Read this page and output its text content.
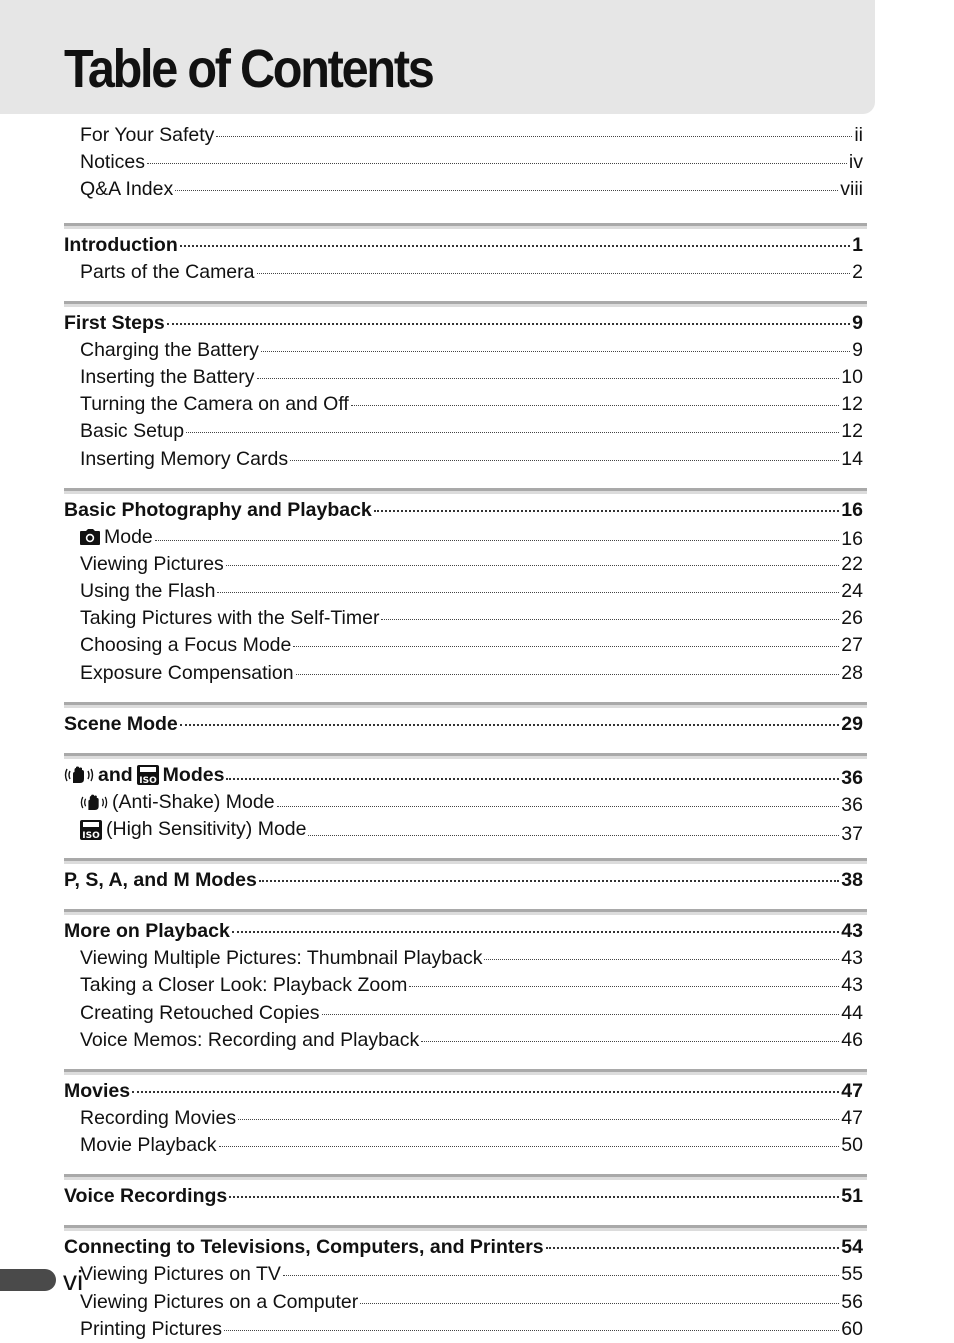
Table of Contents
For Your Safety	ii
Notices	iv
Q&A Index	viii
Introduction	1
Parts of the Camera	2
First Steps	9
Charging the Battery	9
Inserting the Battery	10
Turning the Camera on and Off	12
Basic Setup	12
Inserting Memory Cards	14
Basic Photography and Playback	16
Mode	16
Viewing Pictures	22
Using the Flash	24
Taking Pictures with the Self-Timer	26
Choosing a Focus Mode	27
Exposure Compensation	28
Scene Mode	29
and ISO Modes	36
(Anti-Shake) Mode	36
ISO (High Sensitivity) Mode	37
P, S, A, and M Modes	38
More on Playback	43
Viewing Multiple Pictures: Thumbnail Playback	43
Taking a Closer Look: Playback Zoom	43
Creating Retouched Copies	44
Voice Memos: Recording and Playback	46
Movies	47
Recording Movies	47
Movie Playback	50
Voice Recordings	51
Connecting to Televisions, Computers, and Printers	54
Viewing Pictures on TV	55
Viewing Pictures on a Computer	56
Printing Pictures	60
vi
